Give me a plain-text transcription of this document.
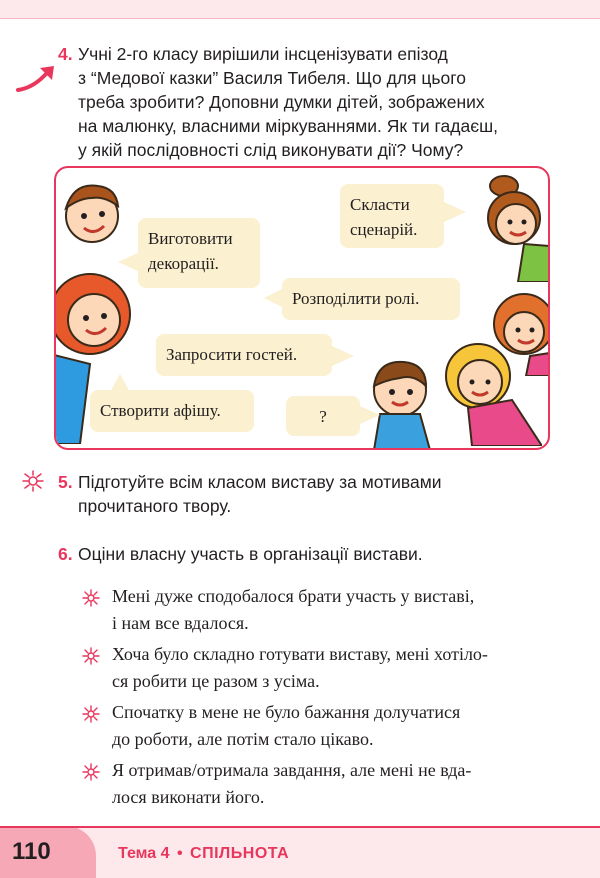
4. Учні 2-го класу вирішили інсценізувати епізод
з “Медової казки” Василя Тибеля. Що для цього
треба зробити? Доповни думки дітей, зображених
на малюнку, власними міркуваннями. Як ти гадаєш,
у якій послідовності слід виконувати дії? Чому?
Виготовити
декорації.
Скласти
сценарій.
Розподілити ролі.
Запросити гостей.
Створити афішу.	?
5. Підготуйте всім класом виставу за мотивами
прочитаного твору.
6. Оціни власну участь в організації вистави.
Мені дуже сподобалося брати участь у виставі,
і нам все вдалося.
Хоча було складно готувати виставу, мені хотіло-
ся робити це разом з усіма.
Спочатку в мене не було бажання долучатися
до роботи, але потім стало цікаво.
Я отримав/отримала завдання, але мені не вда-
лося виконати його.
110	Тема 4 • СПІЛЬНОТА
